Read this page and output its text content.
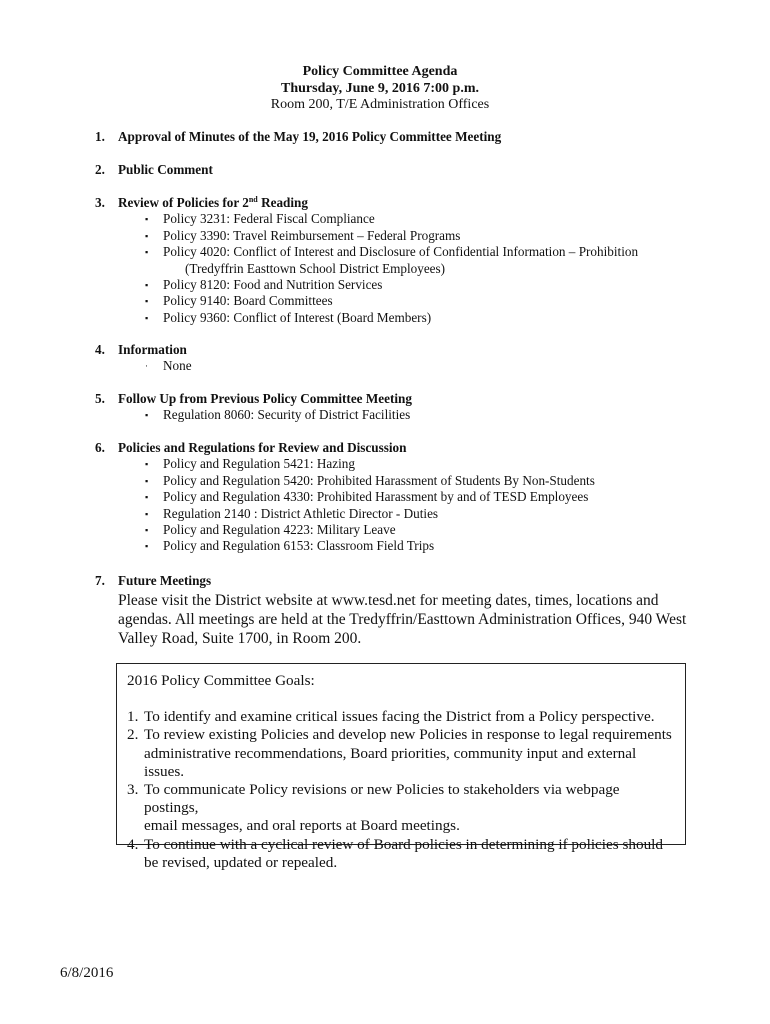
Policy Committee Agenda
Thursday, June 9, 2016 7:00 p.m.
Room 200, T/E Administration Offices
1. Approval of Minutes of the May 19, 2016 Policy Committee Meeting
2. Public Comment
3. Review of Policies for 2nd Reading
▪ Policy 3231: Federal Fiscal Compliance
▪ Policy 3390: Travel Reimbursement – Federal Programs
▪ Policy 4020: Conflict of Interest and Disclosure of Confidential Information – Prohibition
(Tredyffrin Easttown School District Employees)
▪ Policy 8120: Food and Nutrition Services
▪ Policy 9140: Board Committees
▪ Policy 9360: Conflict of Interest (Board Members)
4. Information
· None
5. Follow Up from Previous Policy Committee Meeting
▪ Regulation 8060: Security of District Facilities
6. Policies and Regulations for Review and Discussion
▪ Policy and Regulation 5421: Hazing
▪ Policy and Regulation 5420: Prohibited Harassment of Students By Non-Students
▪ Policy and Regulation 4330: Prohibited Harassment by and of TESD Employees
▪ Regulation 2140 : District Athletic Director - Duties
▪ Policy and Regulation 4223: Military Leave
▪ Policy and Regulation 6153: Classroom Field Trips
7. Future Meetings
Please visit the District website at www.tesd.net for meeting dates, times, locations and
agendas. All meetings are held at the Tredyffrin/Easttown Administration Offices, 940 West
Valley Road, Suite 1700, in Room 200.
2016 Policy Committee Goals:
1. To identify and examine critical issues facing the District from a Policy perspective.
2. To review existing Policies and develop new Policies in response to legal requirements
administrative recommendations, Board priorities, community input and external issues.
3. To communicate Policy revisions or new Policies to stakeholders via webpage postings,
email messages, and oral reports at Board meetings.
4. To continue with a cyclical review of Board policies in determining if policies should
be revised, updated or repealed.
6/8/2016
